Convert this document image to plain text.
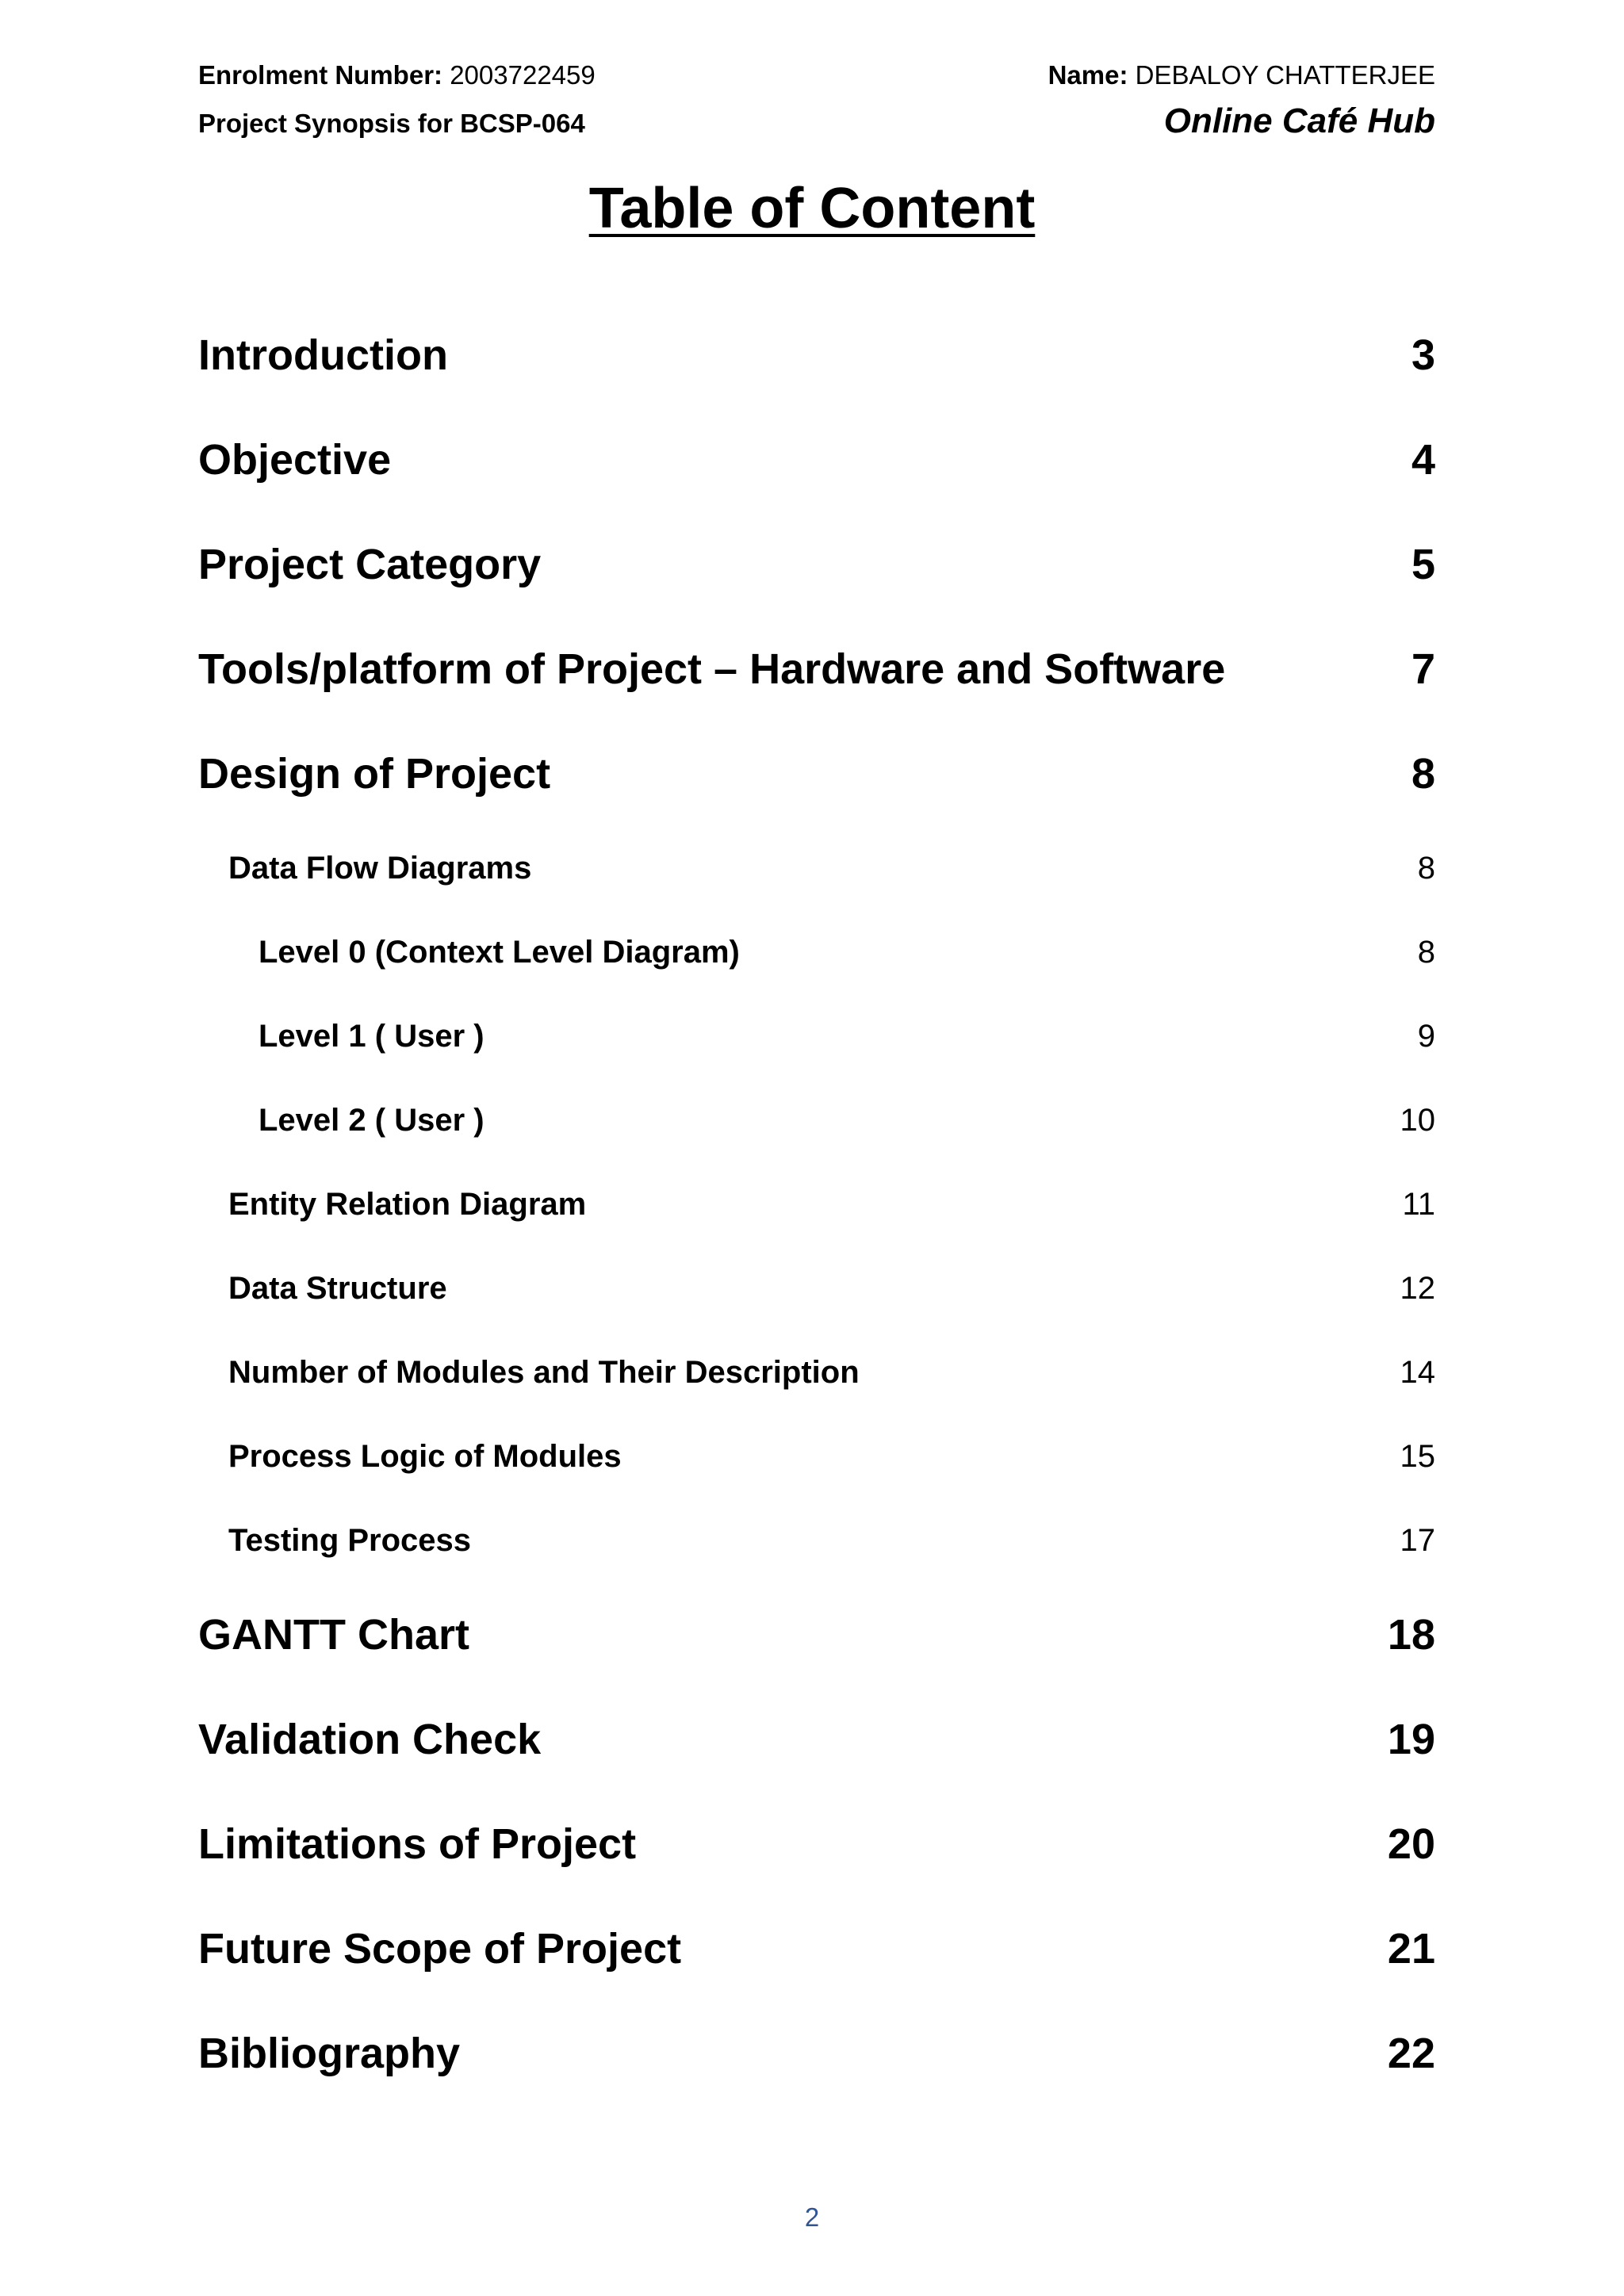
Enrolment Number: 2003722459	Name: DEBALOY CHATTERJEE
Project Synopsis for BCSP-064	Online Café Hub
Table of Content
Introduction	3
Objective	4
Project Category	5
Tools/platform of Project – Hardware and Software	7
Design of Project	8
Data Flow Diagrams	8
Level 0 (Context Level Diagram)	8
Level 1 ( User )	9
Level 2 ( User )	10
Entity Relation Diagram	11
Data Structure	12
Number of Modules and Their Description	14
Process Logic of Modules	15
Testing Process	17
GANTT Chart	18
Validation Check	19
Limitations of Project	20
Future Scope of Project	21
Bibliography	22
2
